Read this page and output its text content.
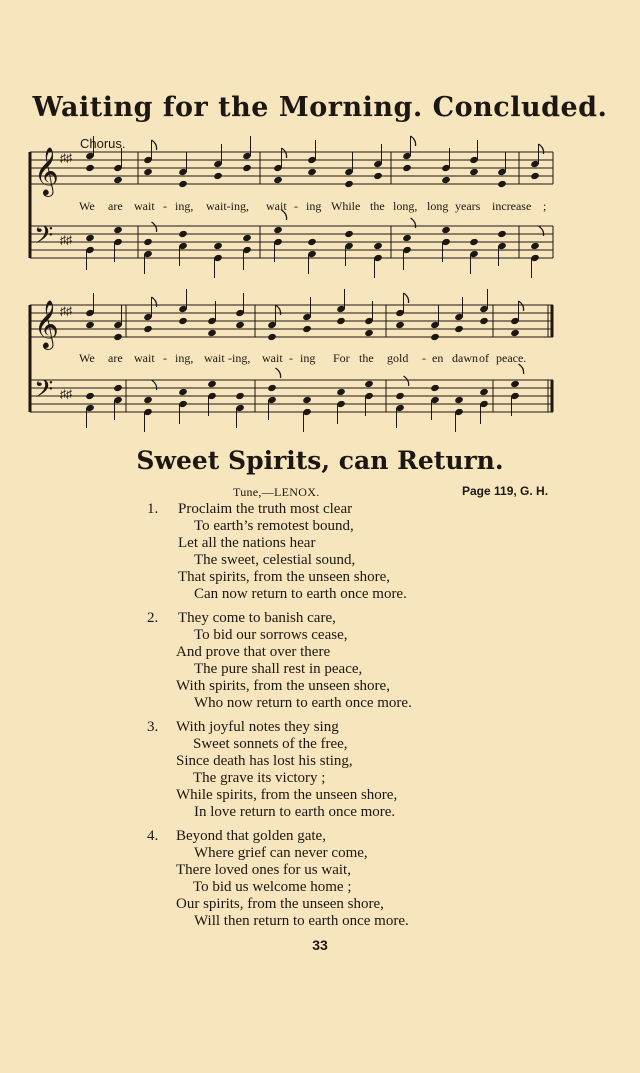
Waiting for the Morning. Concluded.
Chorus.
𝄞 ♯♯
𝄢 ♯♯
𝄞 ♯♯
𝄢 ♯♯
We are wait - ing, wait-ing, wait - ing While the long, long years increase ;
We are wait - ing, wait -ing, wait - ing For the gold - en dawn of peace.
Sweet Spirits, can Return.
Tune,—LENOX.	Page 119, G. H.
1. Proclaim the truth most clear
To earth’s remotest bound,
Let all the nations hear
The sweet, celestial sound,
That spirits, from the unseen shore,
Can now return to earth once more.
2. They come to banish care,
To bid our sorrows cease,
And prove that over there
The pure shall rest in peace,
With spirits, from the unseen shore,
Who now return to earth once more.
3. With joyful notes they sing
Sweet sonnets of the free,
Since death has lost his sting,
The grave its victory ;
While spirits, from the unseen shore,
In love return to earth once more.
4. Beyond that golden gate,
Where grief can never come,
There loved ones for us wait,
To bid us welcome home ;
Our spirits, from the unseen shore,
Will then return to earth once more.
33
